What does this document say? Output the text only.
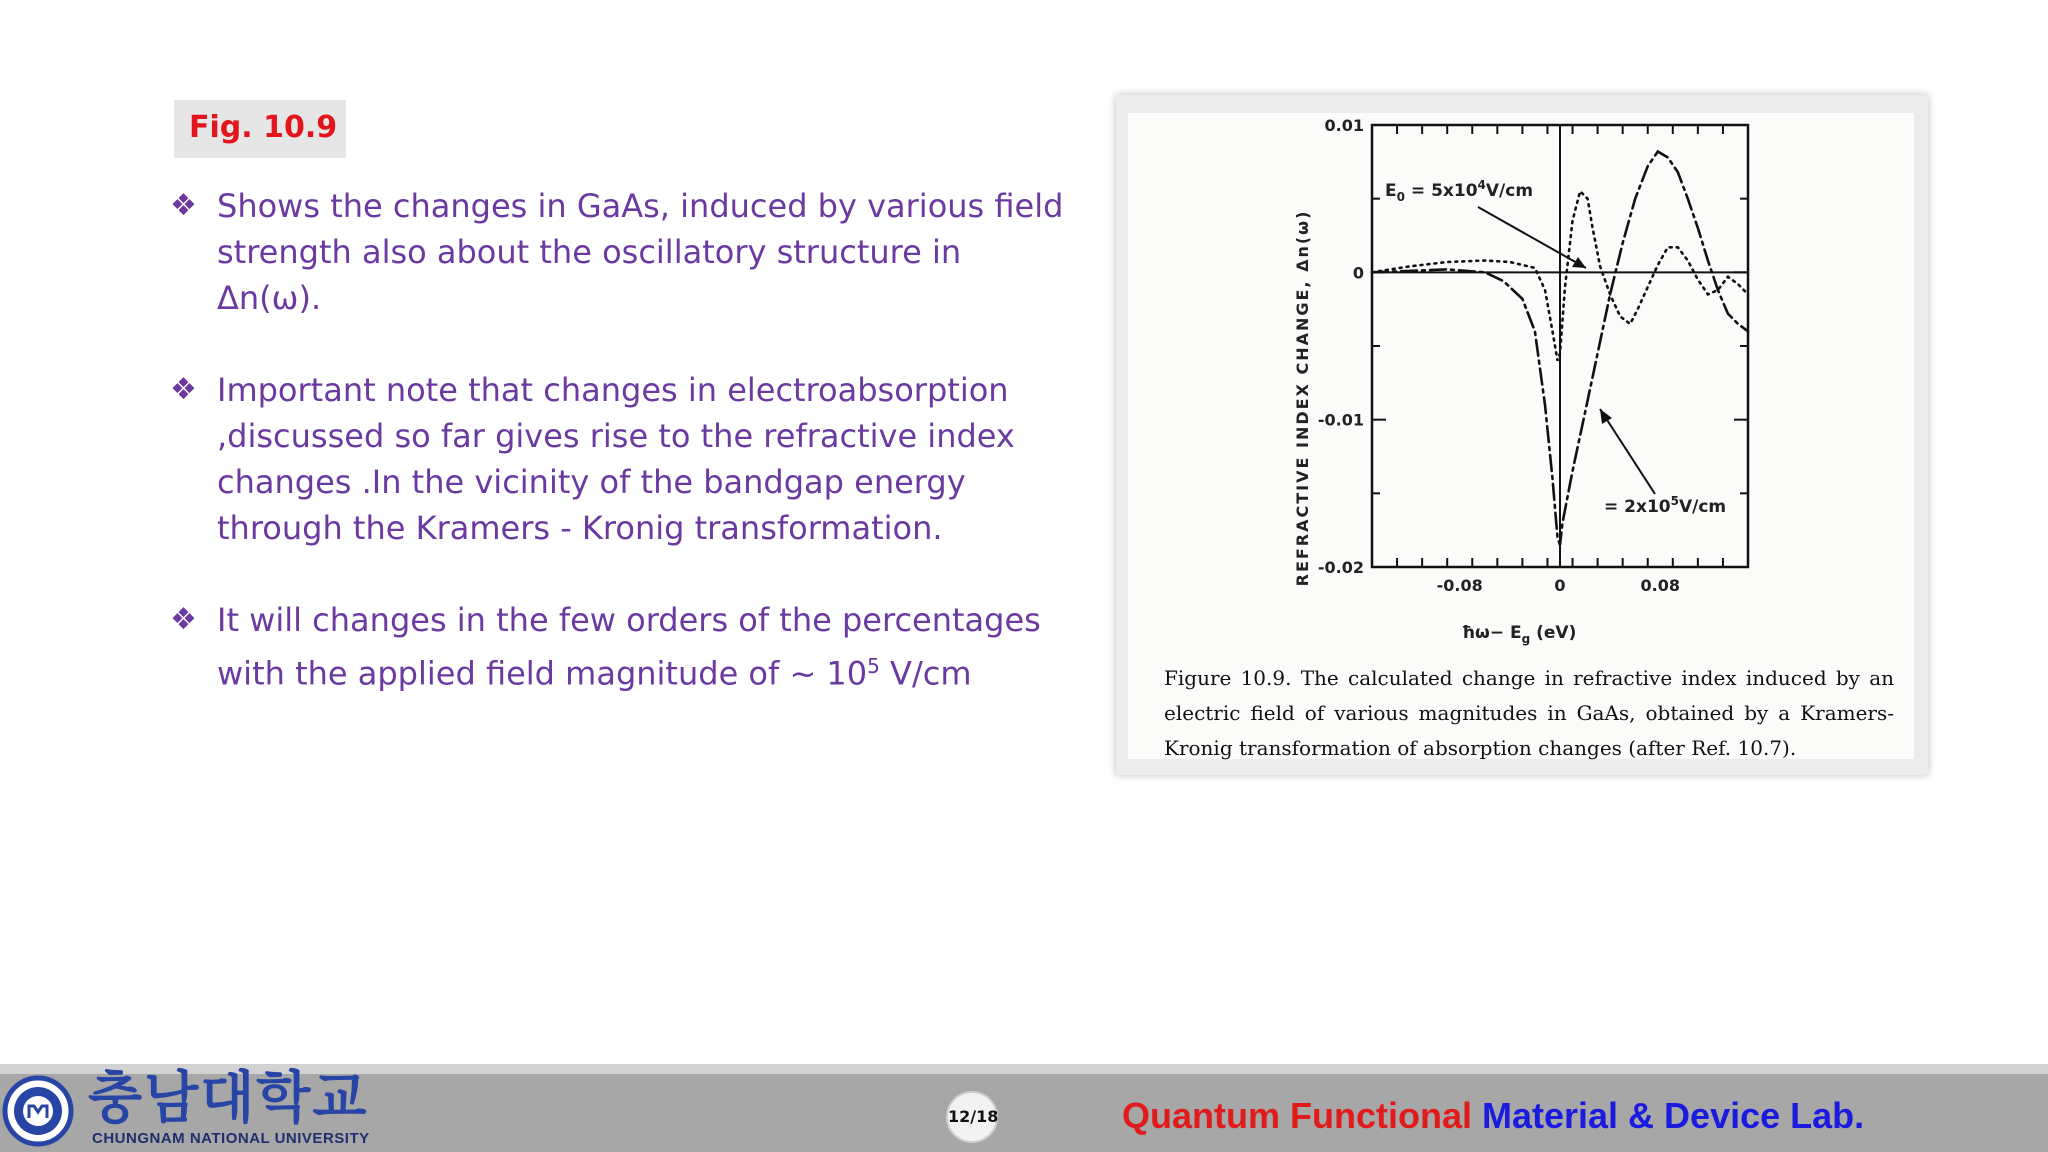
Fig. 10.9

❖ Shows the changes in GaAs, induced by various field strength also about the oscillatory structure in Δn(ω).

❖ Important note that changes in electroabsorption ,discussed so far gives rise to the refractive index changes .In the vicinity of the bandgap energy through the Kramers - Kronig transformation.

❖ It will changes in the few orders of the percentages with the applied field magnitude of ~ $10^5$ V/cm

-0.08	0	0.08
0.01
0
-0.01
-0.02
REFRACTIVE INDEX CHANGE, Δn(ω)
ħω− $E_g$ (eV)
$E_0 = 5x10^4V/cm$
= $2x10^5V/cm$
Figure 10.9. The calculated change in refractive index induced by an electric field of various magnitudes in GaAs, obtained by a Kramers-Kronig transformation of absorption changes (after Ref. 10.7).
충남대학교
CHUNGNAM NATIONAL UNIVERSITY
12/18	Quantum Functional Material & Device Lab.
